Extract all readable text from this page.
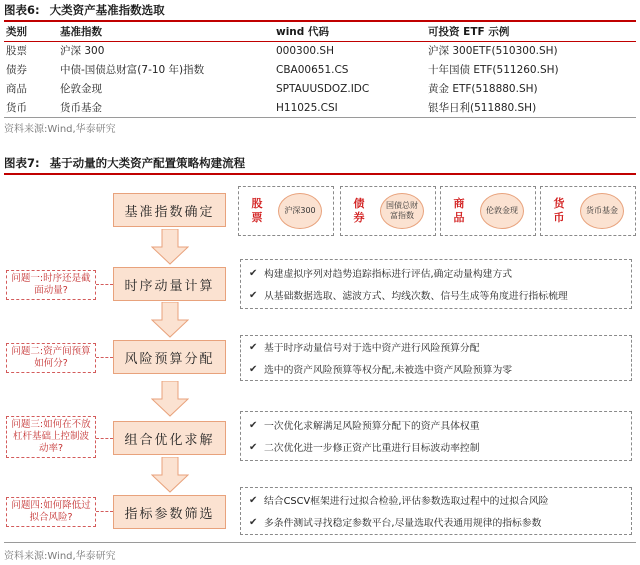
图表6: 大类资产基准指数选取
类别	基准指数	wind 代码	可投资 ETF 示例
股票	沪深 300	000300.SH	沪深 300ETF(510300.SH)
债券	中债-国债总财富(7-10 年)指数	CBA00651.CS	十年国债 ETF(511260.SH)
商品	伦敦金现	SPTAUUSDOZ.IDC	黄金 ETF(518880.SH)
货币	货币基金	H11025.CSI	银华日利(511880.SH)
资料来源:Wind,华泰研究
图表7: 基于动量的大类资产配置策略构建流程
基准指数确定
时序动量计算
风险预算分配
组合优化求解
指标参数筛选
股票
沪深300
债券
国债总财富指数
商品
伦敦金现
货币
货币基金
问题一:时序还是截面动量?
问题二:资产间预算如何分?
问题三:如何在不放杠杆基础上控制波动率?
问题四:如何降低过拟合风险?
✔ 构建虚拟序列对趋势追踪指标进行评估,确定动量构建方式
✔ 从基础数据选取、滤波方式、均线次数、信号生成等角度进行指标梳理
✔ 基于时序动量信号对于选中资产进行风险预算分配
✔ 选中的资产风险预算等权分配,未被选中资产风险预算为零
✔ 一次优化求解满足风险预算分配下的资产具体权重
✔ 二次优化进一步修正资产比重进行目标波动率控制
✔ 结合CSCV框架进行过拟合检验,评估参数选取过程中的过拟合风险
✔ 多条件测试寻找稳定参数平台,尽量选取代表通用规律的指标参数
资料来源:Wind,华泰研究
